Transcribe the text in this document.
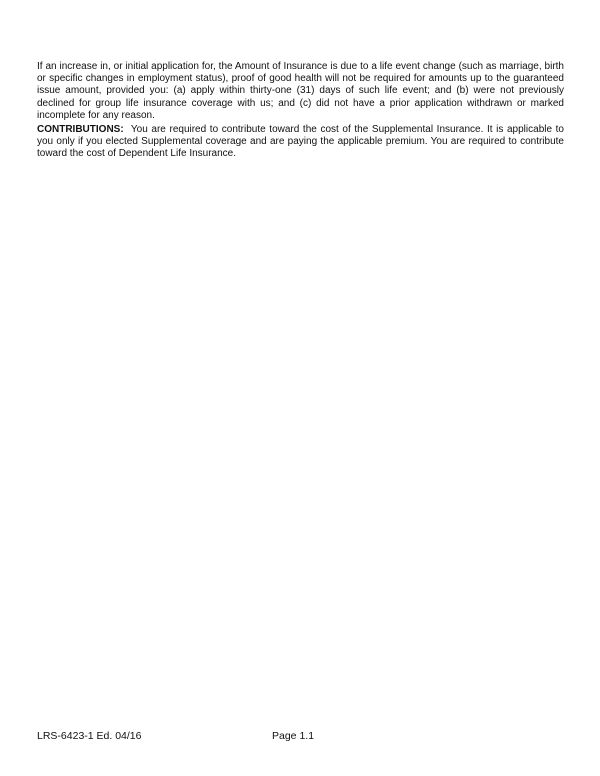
If an increase in, or initial application for, the Amount of Insurance is due to a life event change (such as marriage, birth or specific changes in employment status), proof of good health will not be required for amounts up to the guaranteed issue amount, provided you: (a) apply within thirty-one (31) days of such life event; and (b) were not previously declined for group life insurance coverage with us; and (c) did not have a prior application withdrawn or marked incomplete for any reason.

CONTRIBUTIONS: You are required to contribute toward the cost of the Supplemental Insurance. It is applicable to you only if you elected Supplemental coverage and are paying the applicable premium. You are required to contribute toward the cost of Dependent Life Insurance.

LRS-6423-1 Ed. 04/16	Page 1.1
